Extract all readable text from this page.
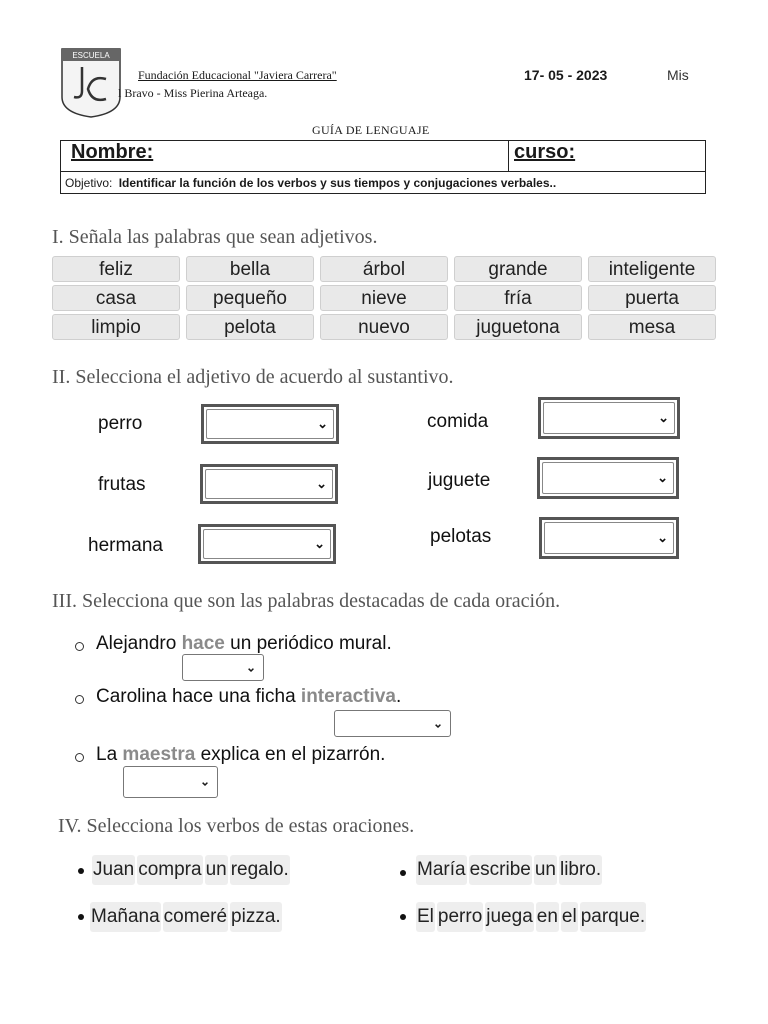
ESCUELA
Fundación Educacional "Javiera Carrera"	17- 05 - 2023	Mis
l Bravo - Miss Pierina Arteaga.
GUÍA DE LENGUAJE
Nombre:	curso:
Objetivo: Identificar la función de los verbos y sus tiempos y conjugaciones verbales..
I. Señala las palabras que sean adjetivos.
feliz	bella	árbol	grande	inteligente
casa	pequeño	nieve	fría	puerta
limpio	pelota	nuevo	juguetona	mesa
II. Selecciona el adjetivo de acuerdo al sustantivo.
perro	⌄
frutas	⌄
hermana	⌄
comida	⌄
juguete	⌄
pelotas	⌄
III. Selecciona que son las palabras destacadas de cada oración.
Alejandro hace un periódico mural.
⌄
Carolina hace una ficha interactiva.
⌄
La maestra explica en el pizarrón.
⌄
IV. Selecciona los verbos de estas oraciones.
Juan compra un regalo.	María escribe un libro.
Mañana comeré pizza.	El perro juega en el parque.
